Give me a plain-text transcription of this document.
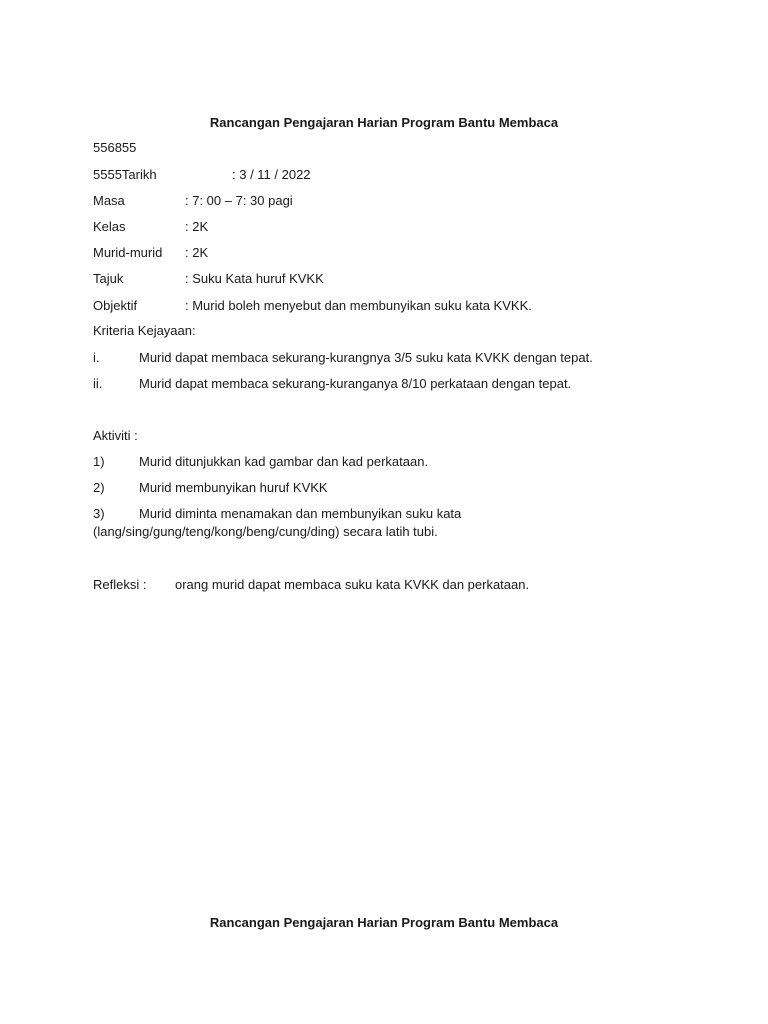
Rancangan Pengajaran Harian Program Bantu Membaca
556855
5555Tarikh	: 3 / 11 / 2022
Masa	: 7: 00 – 7: 30 pagi
Kelas	: 2K
Murid-murid : 2K
Tajuk	: Suku Kata huruf KVKK
Objektif	: Murid boleh menyebut dan membunyikan suku kata KVKK.
Kriteria Kejayaan:
i.	Murid dapat membaca sekurang-kurangnya 3/5 suku kata KVKK dengan tepat.
ii.	Murid dapat membaca sekurang-kuranganya 8/10 perkataan dengan tepat.
Aktiviti :
1)	Murid ditunjukkan kad gambar dan kad perkataan.
2)	Murid membunyikan huruf KVKK
3)	Murid diminta menamakan dan membunyikan suku kata
(lang/sing/gung/teng/kong/beng/cung/ding) secara latih tubi.
Refleksi : orang murid dapat membaca suku kata KVKK dan perkataan.
Rancangan Pengajaran Harian Program Bantu Membaca
